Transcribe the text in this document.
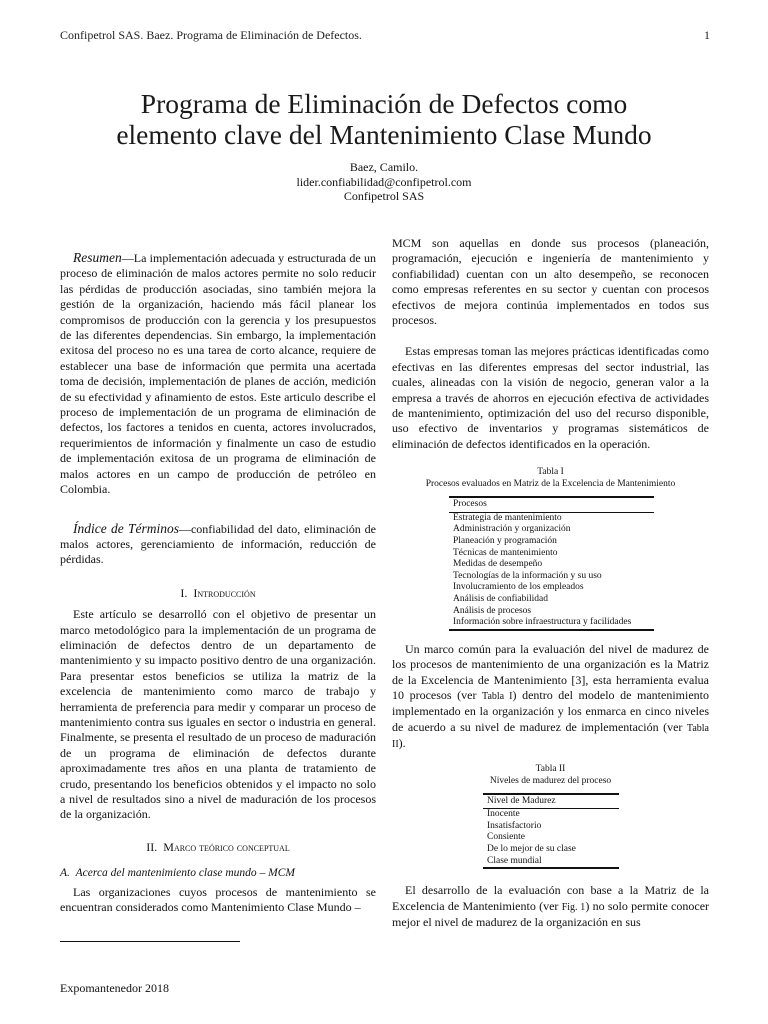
Confipetrol SAS. Baez. Programa de Eliminación de Defectos.	1
Programa de Eliminación de Defectos como
elemento clave del Mantenimiento Clase Mundo
Baez, Camilo.
lider.confiabilidad@confipetrol.com
Confipetrol SAS

Resumen—La implementación adecuada y estructurada de un proceso de eliminación de malos actores permite no solo reducir las pérdidas de producción asociadas, sino también mejora la gestión de la organización, haciendo más fácil planear los compromisos de producción con la gerencia y los presupuestos de las diferentes dependencias. Sin embargo, la implementación exitosa del proceso no es una tarea de corto alcance, requiere de establecer una base de información que permita una acertada toma de decisión, implementación de planes de acción, medición de su efectividad y afinamiento de estos. Este articulo describe el proceso de implementación de un programa de eliminación de defectos, los factores a tenidos en cuenta, actores involucrados, requerimientos de información y finalmente un caso de estudio de implementación exitosa de un programa de eliminación de malos actores en un campo de producción de petróleo en Colombia.

Índice de Términos—confiabilidad del dato, eliminación de malos actores, gerenciamiento de información, reducción de pérdidas.

I. Introducción

Este artículo se desarrolló con el objetivo de presentar un marco metodológico para la implementación de un programa de eliminación de defectos dentro de un departamento de mantenimiento y su impacto positivo dentro de una organización. Para presentar estos beneficios se utiliza la matriz de la excelencia de mantenimiento como marco de trabajo y herramienta de preferencia para medir y comparar un proceso de mantenimiento contra sus iguales en sector o industria en general. Finalmente, se presenta el resultado de un proceso de maduración de un programa de eliminación de defectos durante aproximadamente tres años en una planta de tratamiento de crudo, presentando los beneficios obtenidos y el impacto no solo a nivel de resultados sino a nivel de maduración de los procesos de la organización.

II. Marco teórico conceptual
A. Acerca del mantenimiento clase mundo – MCM

Las organizaciones cuyos procesos de mantenimiento se encuentran considerados como Mantenimiento Clase Mundo –

MCM son aquellas en donde sus procesos (planeación, programación, ejecución e ingeniería de mantenimiento y confiabilidad) cuentan con un alto desempeño, se reconocen como empresas referentes en su sector y cuentan con procesos efectivos de mejora continúa implementados en todos sus procesos.

Estas empresas toman las mejores prácticas identificadas como efectivas en las diferentes empresas del sector industrial, las cuales, alineadas con la visión de negocio, generan valor a la empresa a través de ahorros en ejecución efectiva de actividades de mantenimiento, optimización del uso del recurso disponible, uso efectivo de inventarios y programas sistemáticos de eliminación de defectos identificados en la operación.

Tabla I
Procesos evaluados en Matriz de la Excelencia de Mantenimiento
Procesos
Estrategia de mantenimiento
Administración y organización
Planeación y programación
Técnicas de mantenimiento
Medidas de desempeño
Tecnologías de la información y su uso
Involucramiento de los empleados
Análisis de confiabilidad
Análisis de procesos
Información sobre infraestructura y facilidades

Un marco común para la evaluación del nivel de madurez de los procesos de mantenimiento de una organización es la Matriz de la Excelencia de Mantenimiento [3], esta herramienta evalua 10 procesos (ver Tabla I) dentro del modelo de mantenimiento implementado en la organización y los enmarca en cinco niveles de acuerdo a su nivel de madurez de implementación (ver Tabla II).

Tabla II
Niveles de madurez del proceso
Nivel de Madurez
Inocente
Insatisfactorio
Consiente
De lo mejor de su clase
Clase mundial

El desarrollo de la evaluación con base a la Matriz de la Excelencia de Mantenimiento (ver Fig. 1) no solo permite conocer mejor el nivel de madurez de la organización en sus

Expomantenedor 2018
